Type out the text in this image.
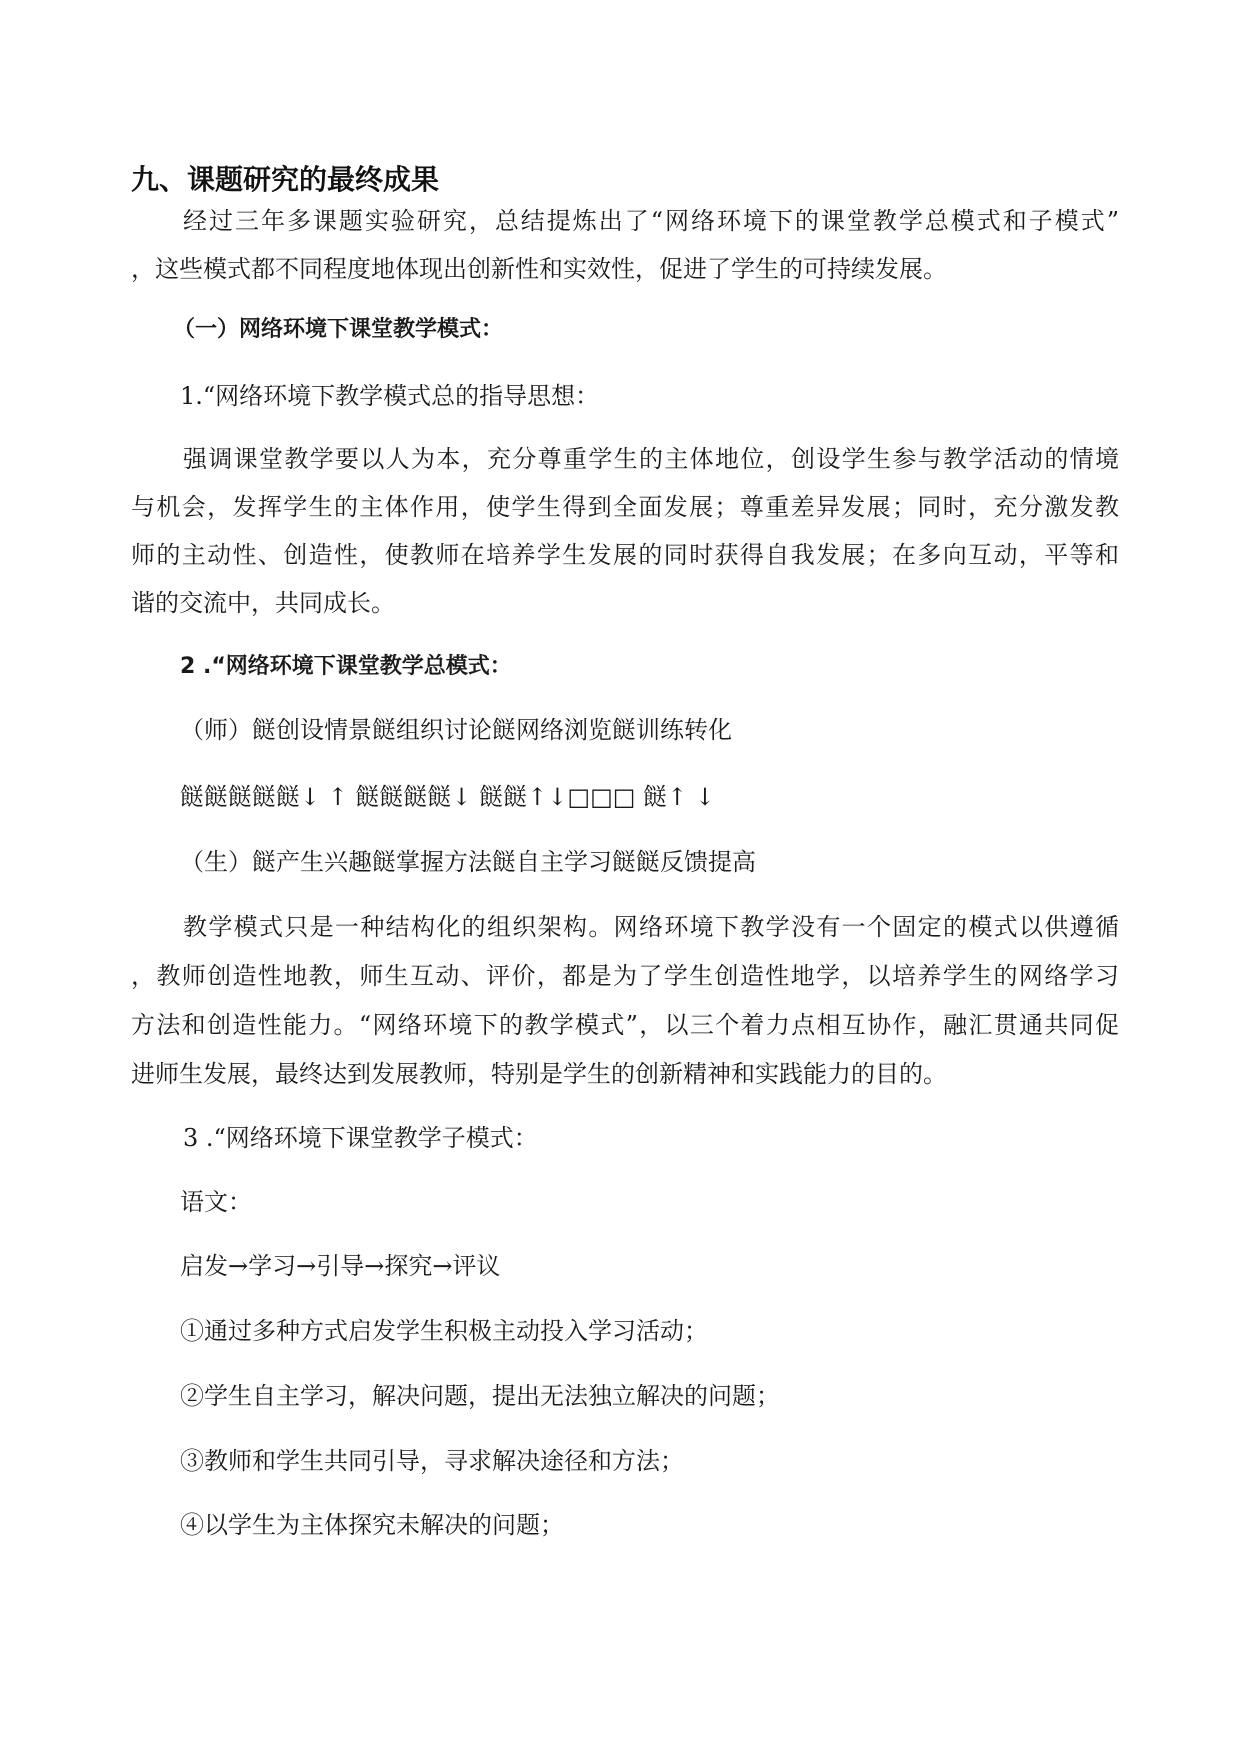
九、课题研究的最终成果
经过三年多课题实验研究，总结提炼出了“网络环境下的课堂教学总模式和子模式”
，这些模式都不同程度地体现出创新性和实效性，促进了学生的可持续发展。
（一）网络环境下课堂教学模式：
1.“网络环境下教学模式总的指导思想：
强调课堂教学要以人为本，充分尊重学生的主体地位，创设学生参与教学活动的情境
与机会，发挥学生的主体作用，使学生得到全面发展；尊重差异发展；同时，充分激发教
师的主动性、创造性，使教师在培养学生发展的同时获得自我发展；在多向互动，平等和
谐的交流中，共同成长。
2 .“网络环境下课堂教学总模式：
（师）餸创设情景餸组织讨论餸网络浏览餸训练转化
餸餸餸餸餸↓ ↑ 餸餸餸餸↓ 餸餸↑↓□□□ 餸↑ ↓
（生）餸产生兴趣餸掌握方法餸自主学习餸餸反馈提高
教学模式只是一种结构化的组织架构。网络环境下教学没有一个固定的模式以供遵循
，教师创造性地教，师生互动、评价，都是为了学生创造性地学，以培养学生的网络学习
方法和创造性能力。“网络环境下的教学模式”，以三个着力点相互协作，融汇贯通共同促
进师生发展，最终达到发展教师，特别是学生的创新精神和实践能力的目的。
3 .“网络环境下课堂教学子模式：
语文：
启发→学习→引导→探究→评议
①通过多种方式启发学生积极主动投入学习活动；
②学生自主学习，解决问题，提出无法独立解决的问题；
③教师和学生共同引导，寻求解决途径和方法；
④以学生为主体探究未解决的问题；
